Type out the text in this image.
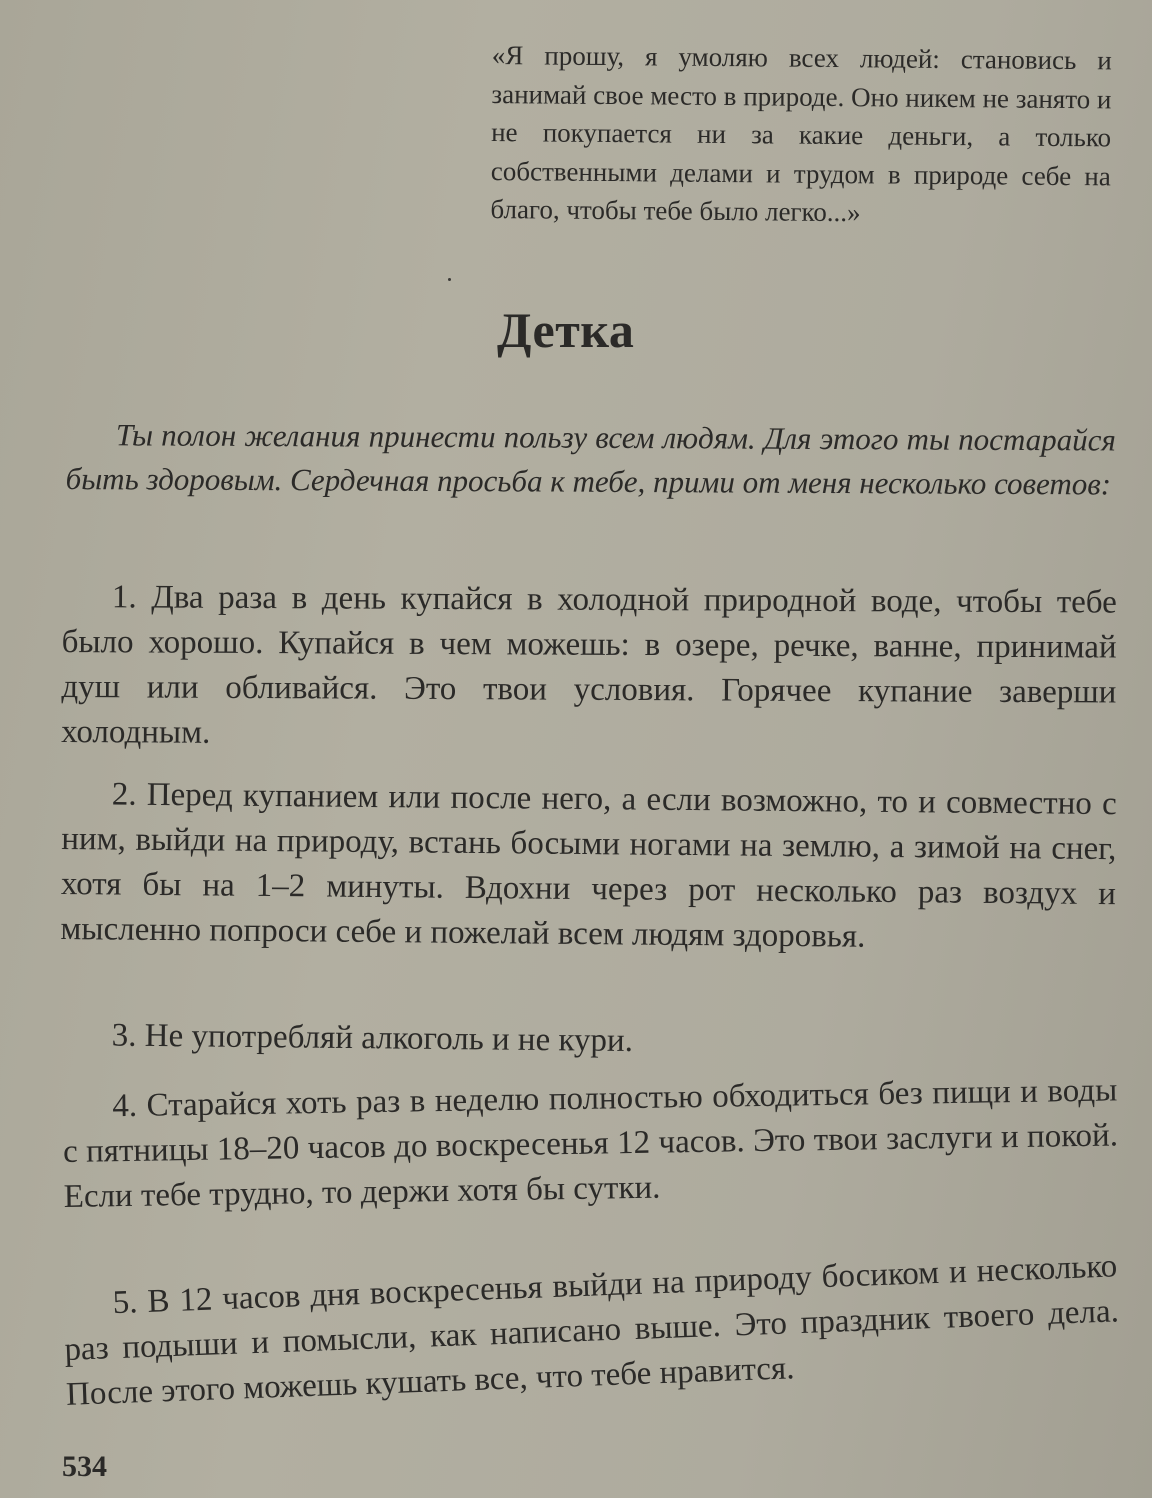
«Я прошу, я умоляю всех людей: становись и занимай свое место в природе. Оно никем не занято и не покупается ни за какие деньги, а только собственными делами и трудом в природе себе на благо, чтобы тебе было легко...»
Детка

Ты полон желания принести пользу всем людям. Для этого ты постарайся быть здоровым. Сердечная просьба к тебе, прими от меня несколько советов:

1. Два раза в день купайся в холодной природной воде, чтобы тебе было хорошо. Купайся в чем можешь: в озере, речке, ванне, принимай душ или обливайся. Это твои условия. Горячее купание заверши холодным.

2. Перед купанием или после него, а если возможно, то и совместно с ним, выйди на природу, встань босыми ногами на землю, а зимой на снег, хотя бы на 1–2 минуты. Вдохни через рот несколько раз воздух и мысленно попроси себе и пожелай всем людям здоровья.

3. Не употребляй алкоголь и не кури.

4. Старайся хоть раз в неделю полностью обходиться без пищи и воды с пятницы 18–20 часов до воскресенья 12 часов. Это твои заслуги и покой. Если тебе трудно, то держи хотя бы сутки.

5. В 12 часов дня воскресенья выйди на природу босиком и несколько раз подыши и помысли, как написано выше. Это праздник твоего дела. После этого можешь кушать все, что тебе нравится.

534
